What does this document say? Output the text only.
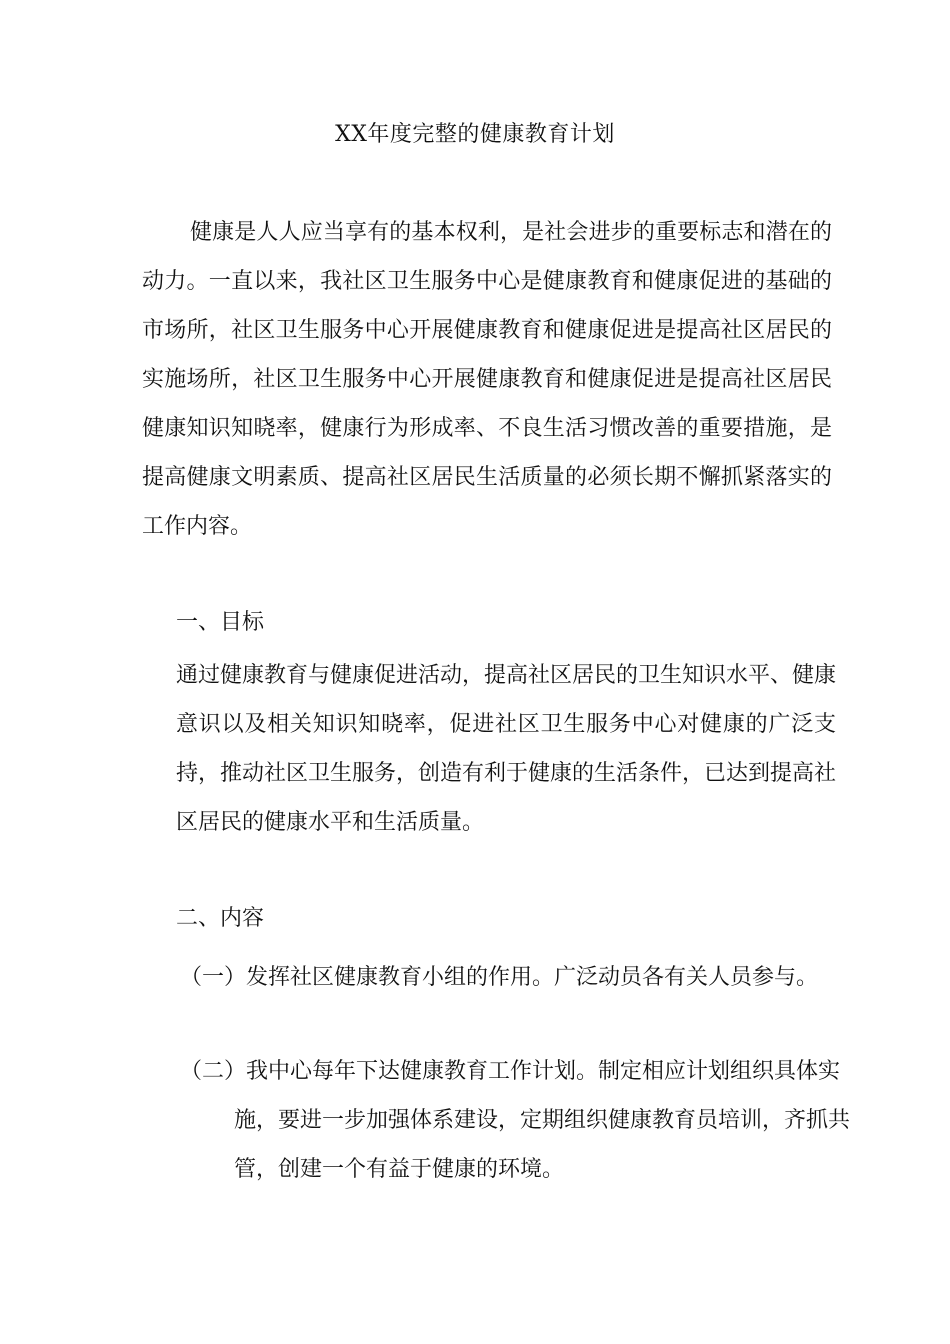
XX年度完整的健康教育计划

健康是人人应当享有的基本权利，是社会进步的重要标志和潜在的动力。一直以来，我社区卫生服务中心是健康教育和健康促进的基础的市场所，社区卫生服务中心开展健康教育和健康促进是提高社区居民的实施场所，社区卫生服务中心开展健康教育和健康促进是提高社区居民健康知识知晓率，健康行为形成率、不良生活习惯改善的重要措施，是提高健康文明素质、提高社区居民生活质量的必须长期不懈抓紧落实的工作内容。

一、目标

通过健康教育与健康促进活动，提高社区居民的卫生知识水平、健康意识以及相关知识知晓率，促进社区卫生服务中心对健康的广泛支持，推动社区卫生服务，创造有利于健康的生活条件，已达到提高社区居民的健康水平和生活质量。

二、内容

（一）发挥社区健康教育小组的作用。广泛动员各有关人员参与。

（二）我中心每年下达健康教育工作计划。制定相应计划组织具体实施，要进一步加强体系建设，定期组织健康教育员培训，齐抓共管，创建一个有益于健康的环境。
